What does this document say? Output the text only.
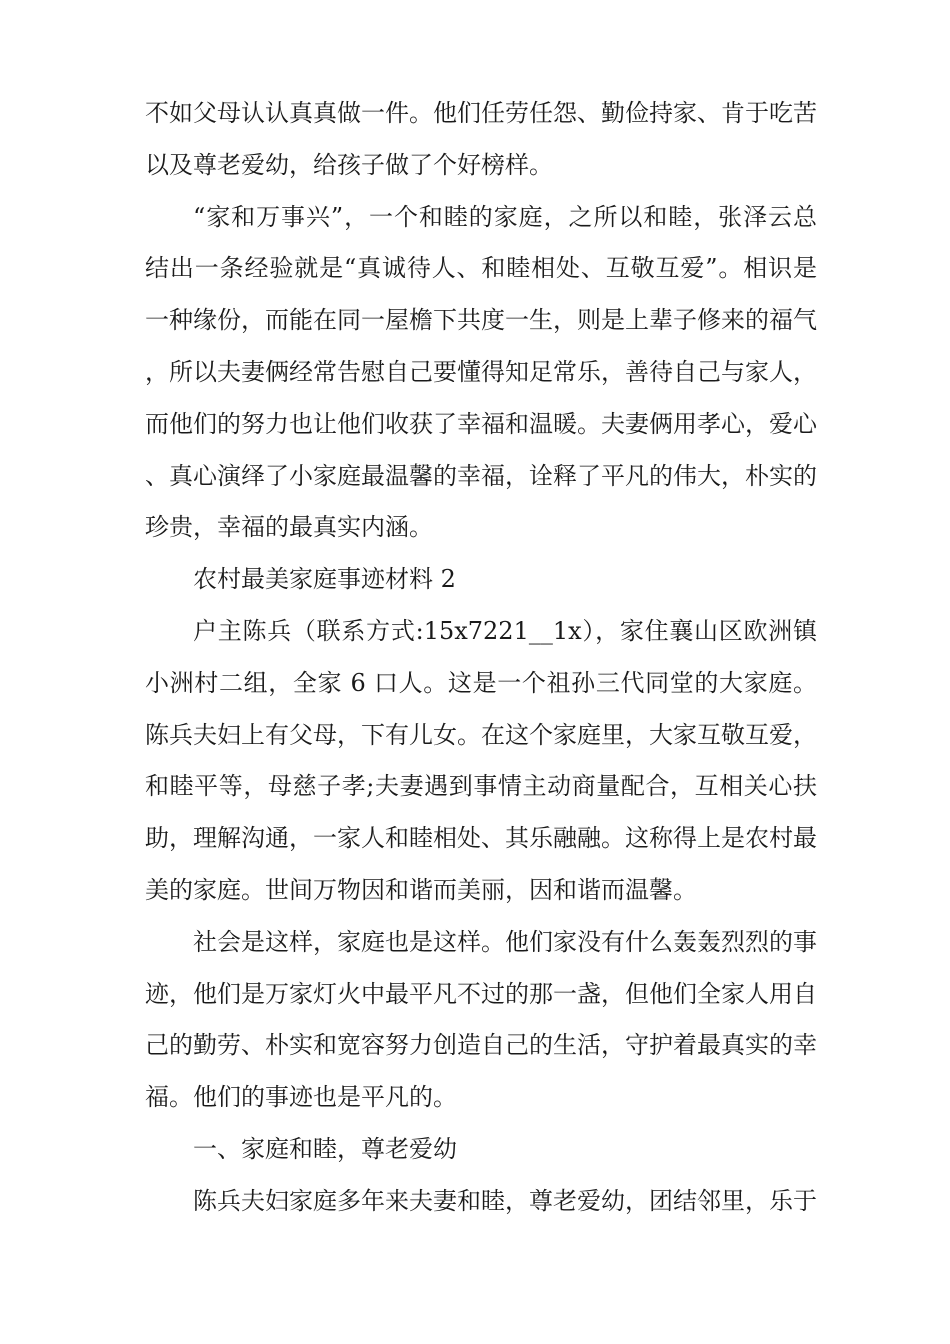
不如父母认认真真做一件。他们任劳任怨、勤俭持家、肯于吃苦以及尊老爱幼，给孩子做了个好榜样。

“家和万事兴”，一个和睦的家庭，之所以和睦，张泽云总结出一条经验就是“真诚待人、和睦相处、互敬互爱”。相识是一种缘份，而能在同一屋檐下共度一生，则是上辈子修来的福气，所以夫妻俩经常告慰自己要懂得知足常乐，善待自己与家人，而他们的努力也让他们收获了幸福和温暖。夫妻俩用孝心，爱心、真心演绎了小家庭最温馨的幸福，诠释了平凡的伟大，朴实的珍贵，幸福的最真实内涵。

农村最美家庭事迹材料 2

户主陈兵（联系方式:15x7221__1x），家住襄山区欧洲镇小洲村二组，全家 6 口人。这是一个祖孙三代同堂的大家庭。陈兵夫妇上有父母，下有儿女。在这个家庭里，大家互敬互爱，和睦平等，母慈子孝;夫妻遇到事情主动商量配合，互相关心扶助，理解沟通，一家人和睦相处、其乐融融。这称得上是农村最美的家庭。世间万物因和谐而美丽，因和谐而温馨。

社会是这样，家庭也是这样。他们家没有什么轰轰烈烈的事迹，他们是万家灯火中最平凡不过的那一盏，但他们全家人用自己的勤劳、朴实和宽容努力创造自己的生活，守护着最真实的幸福。他们的事迹也是平凡的。

一、家庭和睦，尊老爱幼

陈兵夫妇家庭多年来夫妻和睦，尊老爱幼，团结邻里，乐于
